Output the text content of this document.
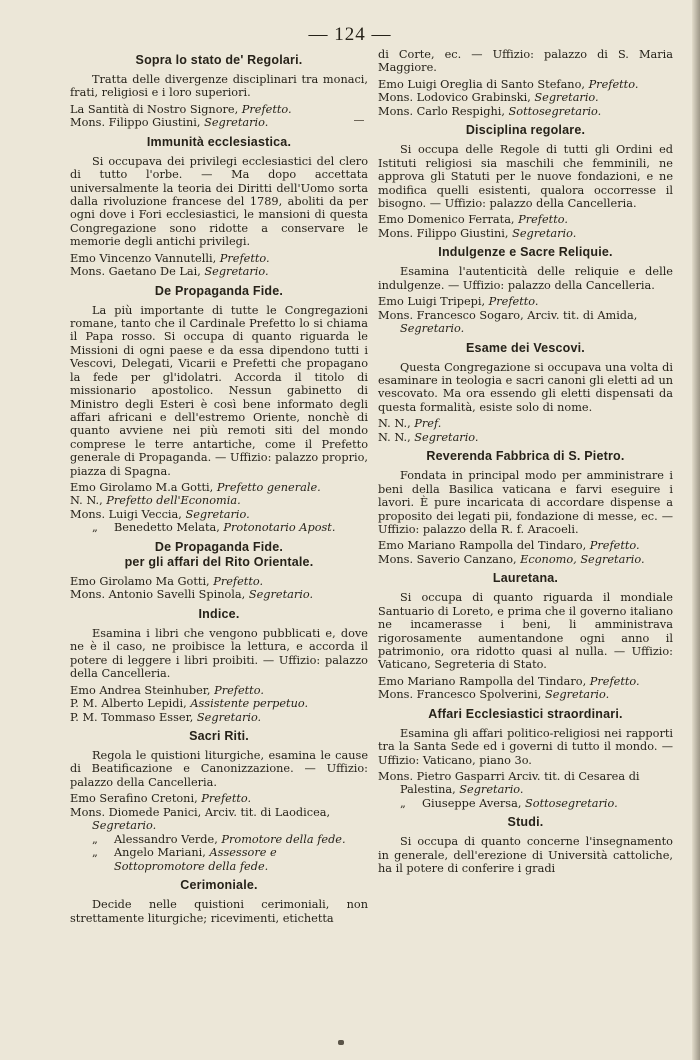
— 124 —
Sopra lo stato de' Regolari.

Tratta delle divergenze disciplinari tra monaci, frati, religiosi e i loro superiori.

La Santità di Nostro Signore, Prefetto.
Mons. Filippo Giustini, Segretario.
Immunità ecclesiastica.

Si occupava dei privilegi ecclesiastici del clero di tutto l'orbe. — Ma dopo accettata universalmente la teoria dei Diritti dell'Uomo sorta dalla rivoluzione francese del 1789, aboliti da per ogni dove i Fori ecclesiastici, le mansioni di questa Congregazione sono ridotte a conservare le memorie degli antichi privilegi.

Emo Vincenzo Vannutelli, Prefetto.
Mons. Gaetano De Lai, Segretario.
De Propaganda Fide.

La più importante di tutte le Congregazioni romane, tanto che il Cardinale Prefetto lo si chiama il Papa rosso. Si occupa di quanto riguarda le Missioni di ogni paese e da essa dipendono tutti i Vescovi, Delegati, Vicarii e Prefetti che propagano la fede per gl'idolatri. Accorda il titolo di missionario apostolico. Nessun gabinetto di Ministro degli Esteri è così bene informato degli affari africani e dell'estremo Oriente, nonchè di quanto avviene nei più remoti siti del mondo comprese le terre antartiche, come il Prefetto generale di Propaganda. — Uffizio: palazzo proprio, piazza di Spagna.

Emo Girolamo M.a Gotti, Prefetto generale.
N. N., Prefetto dell'Economia.
Mons. Luigi Veccia, Segretario.
„ Benedetto Melata, Protonotario Apost.
De Propaganda Fide.
per gli affari del Rito Orientale.
Emo Girolamo Ma Gotti, Prefetto.
Mons. Antonio Savelli Spinola, Segretario.
Indice.

Esamina i libri che vengono pubblicati e, dove ne è il caso, ne proibisce la lettura, e accorda il potere di leggere i libri proibiti. — Uffizio: palazzo della Cancelleria.

Emo Andrea Steinhuber, Prefetto.
P. M. Alberto Lepidi, Assistente perpetuo.
P. M. Tommaso Esser, Segretario.
Sacri Riti.

Regola le quistioni liturgiche, esamina le cause di Beatificazione e Canonizzazione. — Uffizio: palazzo della Cancelleria.

Emo Serafino Cretoni, Prefetto.
Mons. Diomede Panici, Arciv. tit. di Laodicea, Segretario.
„ Alessandro Verde, Promotore della fede.
„ Angelo Mariani, Assessore e Sottopromotore della fede.
Cerimoniale.

Decide nelle quistioni cerimoniali, non strettamente liturgiche; ricevimenti, etichetta

di Corte, ec. — Uffizio: palazzo di S. Maria Maggiore.

Emo Luigi Oreglia di Santo Stefano, Prefetto.
Mons. Lodovico Grabinski, Segretario.
Mons. Carlo Respighi, Sottosegretario.
Disciplina regolare.

Si occupa delle Regole di tutti gli Ordini ed Istituti religiosi sia maschili che femminili, ne approva gli Statuti per le nuove fondazioni, e ne modifica quelli esistenti, qualora occorresse il bisogno. — Uffizio: palazzo della Cancelleria.

Emo Domenico Ferrata, Prefetto.
Mons. Filippo Giustini, Segretario.
Indulgenze e Sacre Reliquie.

Esamina l'autenticità delle reliquie e delle indulgenze. — Uffizio: palazzo della Cancelleria.

Emo Luigi Tripepi, Prefetto.
Mons. Francesco Sogaro, Arciv. tit. di Amida, Segretario.
Esame dei Vescovi.

Questa Congregazione si occupava una volta di esaminare in teologia e sacri canoni gli eletti ad un vescovato. Ma ora essendo gli eletti dispensati da questa formalità, esiste solo di nome.

N. N., Pref.
N. N., Segretario.
Reverenda Fabbrica di S. Pietro.

Fondata in principal modo per amministrare i beni della Basilica vaticana e farvi eseguire i lavori. È pure incaricata di accordare dispense a proposito dei legati pii, fondazione di messe, ec. — Uffizio: palazzo della R. f. Aracoeli.

Emo Mariano Rampolla del Tindaro, Prefetto.
Mons. Saverio Canzano, Economo, Segretario.
Lauretana.

Si occupa di quanto riguarda il mondiale Santuario di Loreto, e prima che il governo italiano ne incamerasse i beni, li amministrava rigorosamente aumentandone ogni anno il patrimonio, ora ridotto quasi al nulla. — Uffizio: Vaticano, Segreteria di Stato.

Emo Mariano Rampolla del Tindaro, Prefetto.
Mons. Francesco Spolverini, Segretario.
Affari Ecclesiastici straordinari.

Esamina gli affari politico-religiosi nei rapporti tra la Santa Sede ed i governi di tutto il mondo. — Uffizio: Vaticano, piano 3o.

Mons. Pietro Gasparri Arciv. tit. di Cesarea di Palestina, Segretario.
„ Giuseppe Aversa, Sottosegretario.
Studi.

Si occupa di quanto concerne l'insegnamento in generale, dell'erezione di Università cattoliche, ha il potere di conferire i gradi
